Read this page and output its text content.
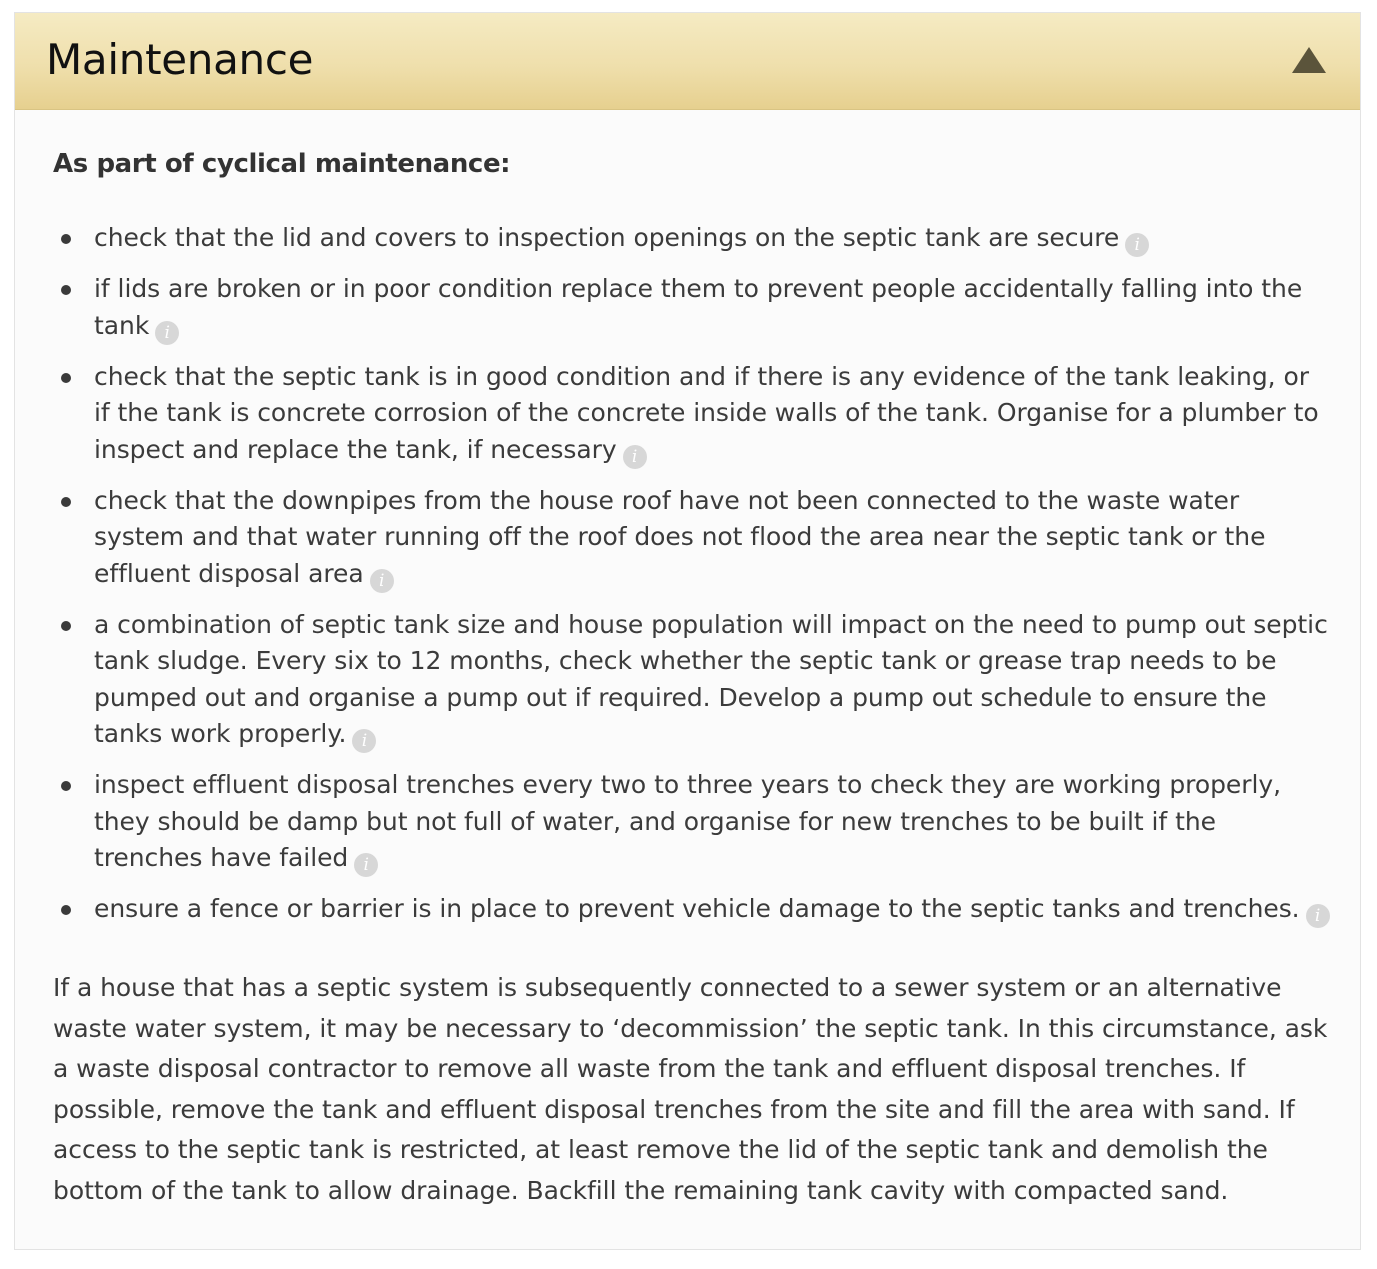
Maintenance

As part of cyclical maintenance:

check that the lid and covers to inspection openings on the septic tank are secure i
if lids are broken or in poor condition replace them to prevent people accidentally falling into the tank i
check that the septic tank is in good condition and if there is any evidence of the tank leaking, or if the tank is concrete corrosion of the concrete inside walls of the tank. Organise for a plumber to inspect and replace the tank, if necessary i
check that the downpipes from the house roof have not been connected to the waste water system and that water running off the roof does not flood the area near the septic tank or the effluent disposal area i
a combination of septic tank size and house population will impact on the need to pump out septic tank sludge. Every six to 12 months, check whether the septic tank or grease trap needs to be pumped out and organise a pump out if required. Develop a pump out schedule to ensure the tanks work properly. i
inspect effluent disposal trenches every two to three years to check they are working properly, they should be damp but not full of water, and organise for new trenches to be built if the trenches have failed i
ensure a fence or barrier is in place to prevent vehicle damage to the septic tanks and trenches. i

If a house that has a septic system is subsequently connected to a sewer system or an alternative waste water system, it may be necessary to ‘decommission’ the septic tank. In this circumstance, ask a waste disposal contractor to remove all waste from the tank and effluent disposal trenches. If possible, remove the tank and effluent disposal trenches from the site and fill the area with sand. If access to the septic tank is restricted, at least remove the lid of the septic tank and demolish the bottom of the tank to allow drainage. Backfill the remaining tank cavity with compacted sand.
